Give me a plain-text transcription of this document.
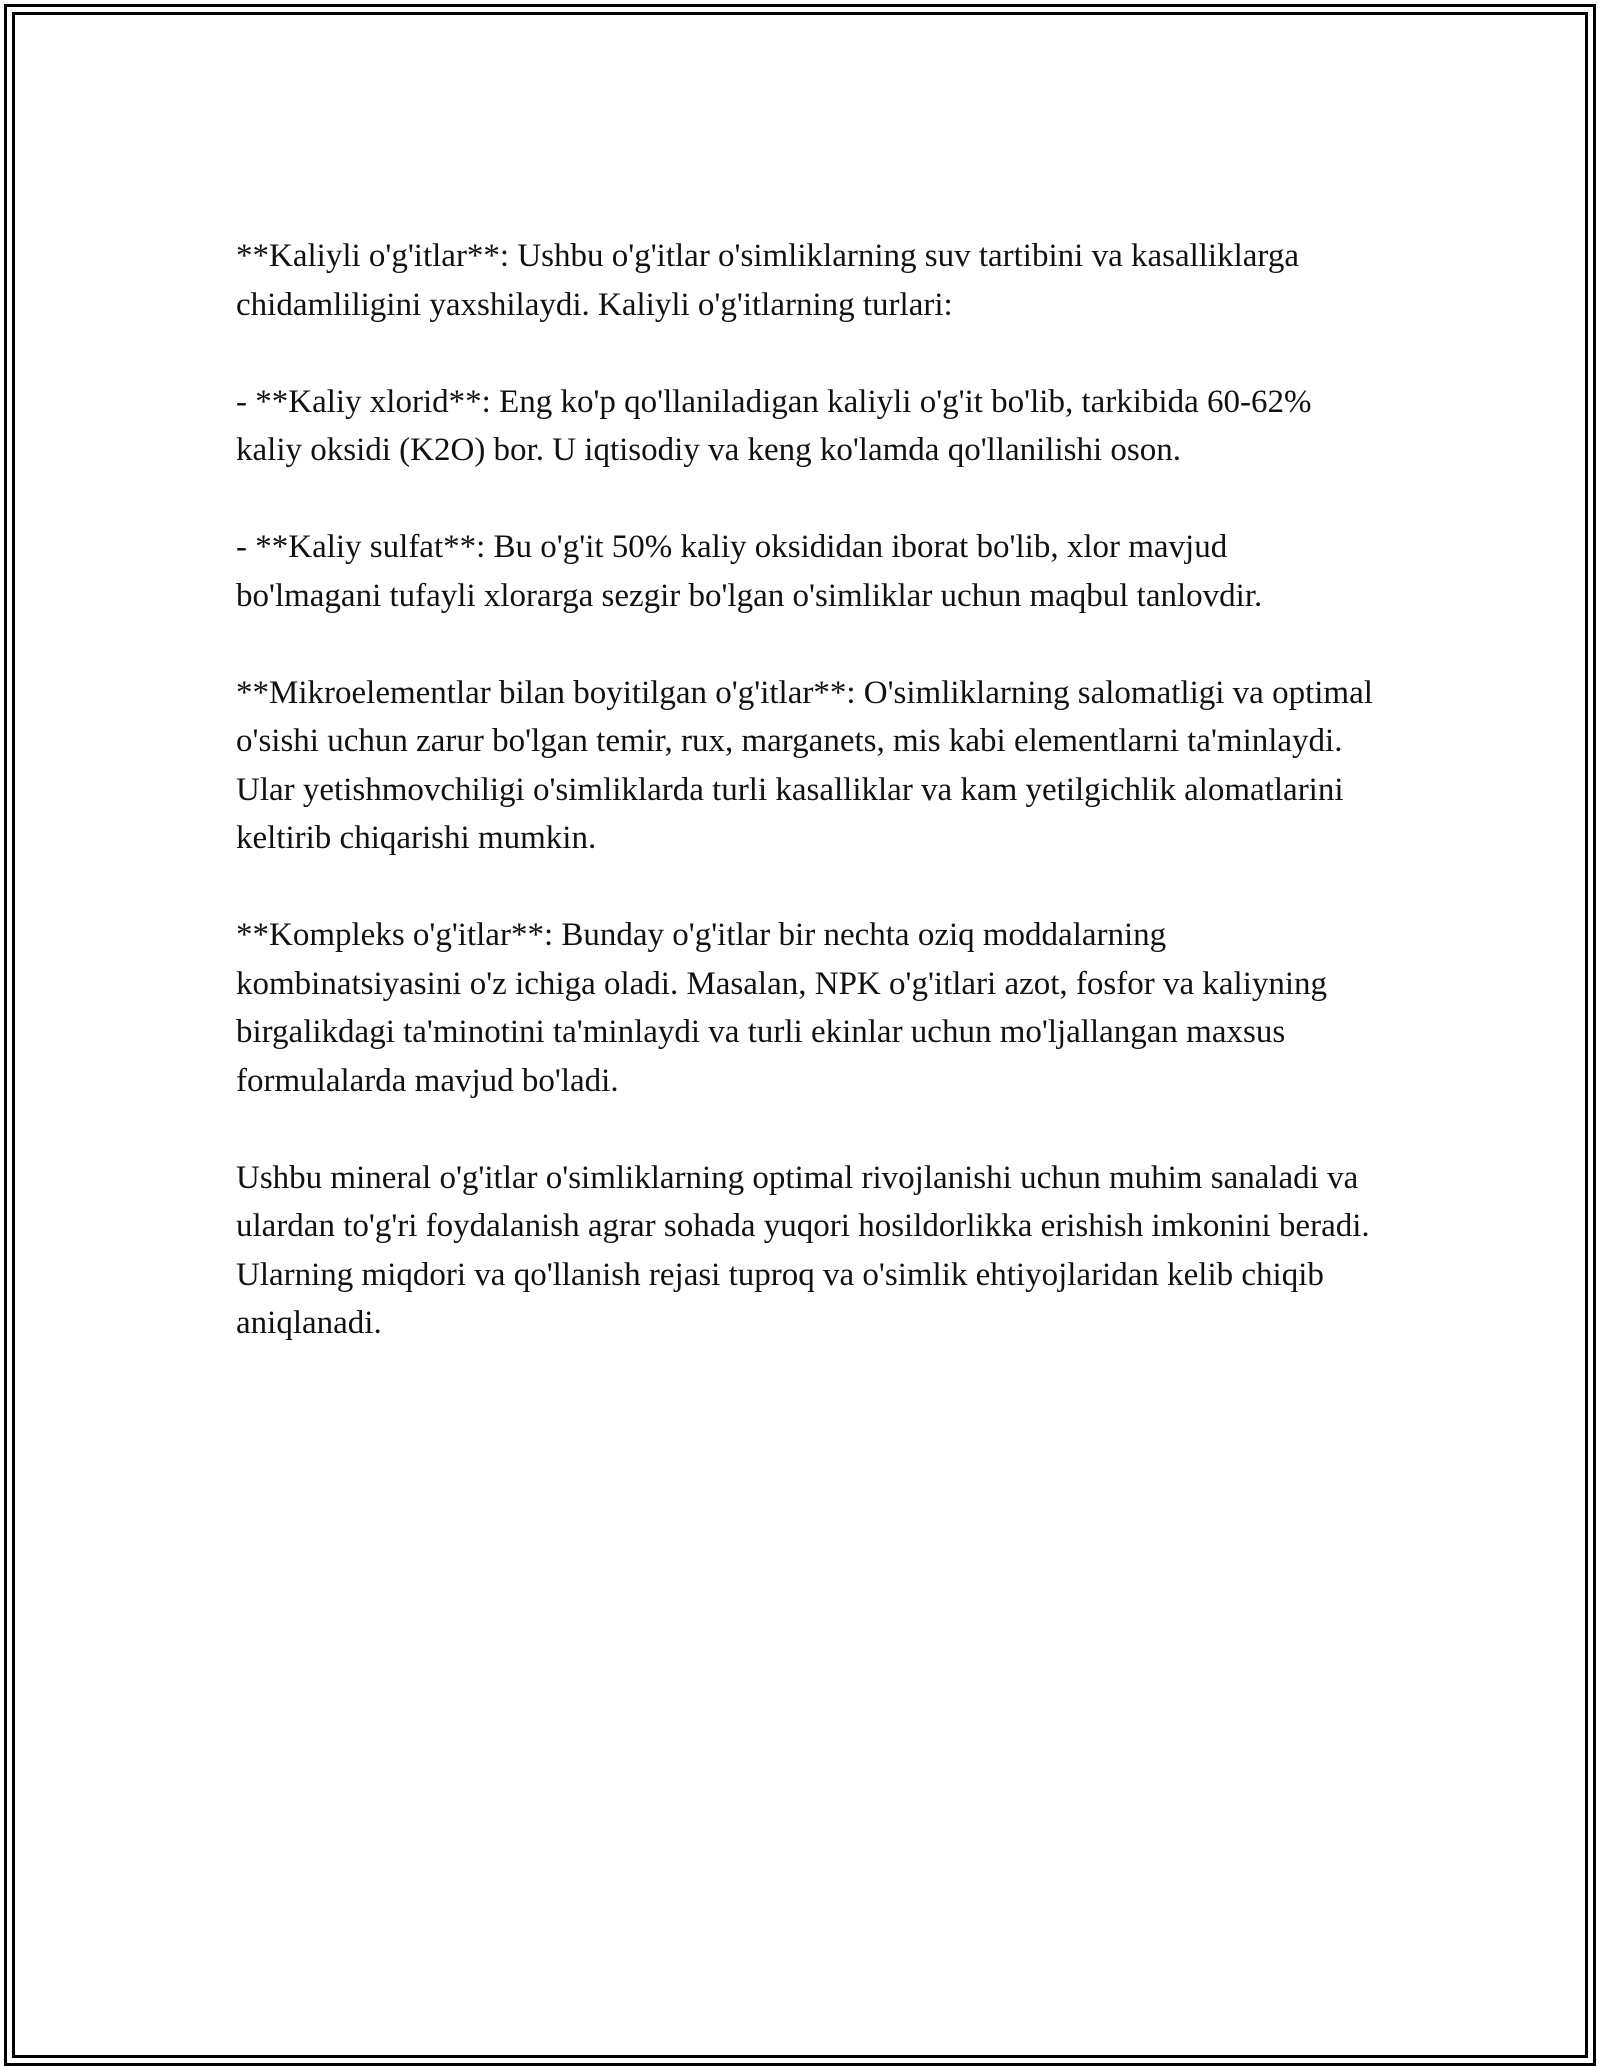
**Kaliyli o'g'itlar**: Ushbu o'g'itlar o'simliklarning suv tartibini va kasalliklarga chidamliligini yaxshilaydi. Kaliyli o'g'itlarning turlari:

- **Kaliy xlorid**: Eng ko'p qo'llaniladigan kaliyli o'g'it bo'lib, tarkibida 60-62% kaliy oksidi (K2O) bor. U iqtisodiy va keng ko'lamda qo'llanilishi oson.

- **Kaliy sulfat**: Bu o'g'it 50% kaliy oksididan iborat bo'lib, xlor mavjud bo'lmagani tufayli xlorarga sezgir bo'lgan o'simliklar uchun maqbul tanlovdir.

**Mikroelementlar bilan boyitilgan o'g'itlar**: O'simliklarning salomatligi va optimal o'sishi uchun zarur bo'lgan temir, rux, marganets, mis kabi elementlarni ta'minlaydi. Ular yetishmovchiligi o'simliklarda turli kasalliklar va kam yetilgichlik alomatlarini keltirib chiqarishi mumkin.

**Kompleks o'g'itlar**: Bunday o'g'itlar bir nechta oziq moddalarning kombinatsiyasini o'z ichiga oladi. Masalan, NPK o'g'itlari azot, fosfor va kaliyning birgalikdagi ta'minotini ta'minlaydi va turli ekinlar uchun mo'ljallangan maxsus formulalarda mavjud bo'ladi.

Ushbu mineral o'g'itlar o'simliklarning optimal rivojlanishi uchun muhim sanaladi va ulardan to'g'ri foydalanish agrar sohada yuqori hosildorlikka erishish imkonini beradi. Ularning miqdori va qo'llanish rejasi tuproq va o'simlik ehtiyojlaridan kelib chiqib aniqlanadi.
